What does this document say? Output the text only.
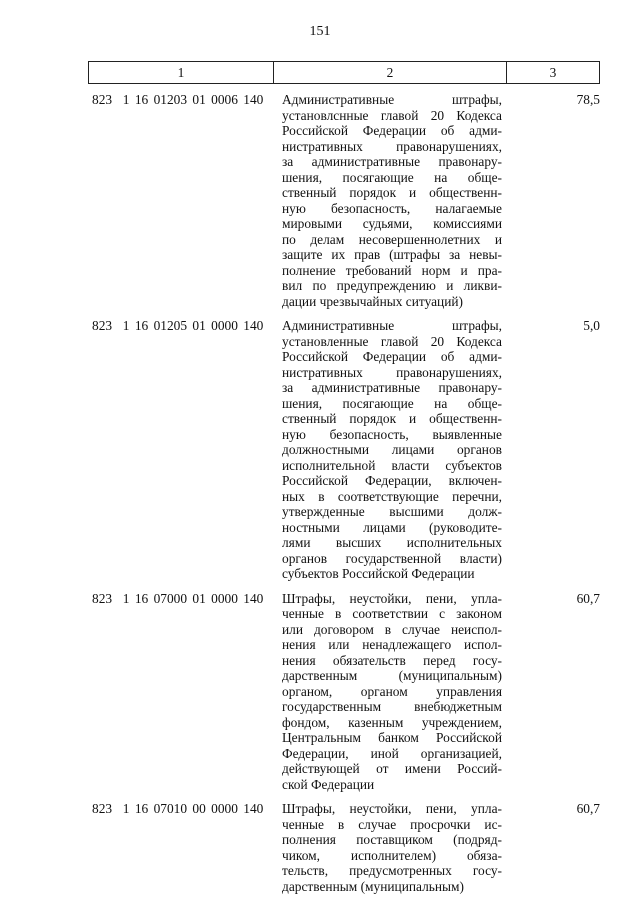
151
1	2	3
823  1 16 01203 01 0006 140 Административные штрафы,
установлснные главой 20 Кодекса
Российской Федерации об адми-
нистративных правонарушениях,
за административные правонару-
шения, посягающие на обще-
ственный порядок и общественн-
ную безопасность, налагаемые
мировыми судьями, комиссиями
по делам несовершеннолетних и
защите их прав (штрафы за невы-
полнение требований норм и пра-
вил по предупреждению и ликви-
дации чрезвычайных ситуаций)
78,5
823  1 16 01205 01 0000 140 Административные штрафы,
установленные главой 20 Кодекса
Российской Федерации об адми-
нистративных правонарушениях,
за административные правонару-
шения, посягающие на обще-
ственный порядок и общественн-
ную безопасность, выявленные
должностными лицами органов
исполнительной власти субъектов
Российской Федерации, включен-
ных в соответствующие перечни,
утвержденные высшими долж-
ностными лицами (руководите-
лями высших исполнительных
органов государственной власти)
субъектов Российской Федерации
5,0
823  1 16 07000 01 0000 140 Штрафы, неустойки, пени, упла-
ченные в соответствии с законом
или договором в случае неиспол-
нения или ненадлежащего испол-
нения обязательств перед госу-
дарственным (муниципальным)
органом, органом управления
государственным внебюджетным
фондом, казенным учреждением,
Центральным банком Российской
Федерации, иной организацией,
действующей от имени Россий-
ской Федерации
60,7
823  1 16 07010 00 0000 140 Штрафы, неустойки, пени, упла-
ченные в случае просрочки ис-
полнения поставщиком (подряд-
чиком, исполнителем) обяза-
тельств, предусмотренных госу-
дарственным (муниципальным)
60,7
